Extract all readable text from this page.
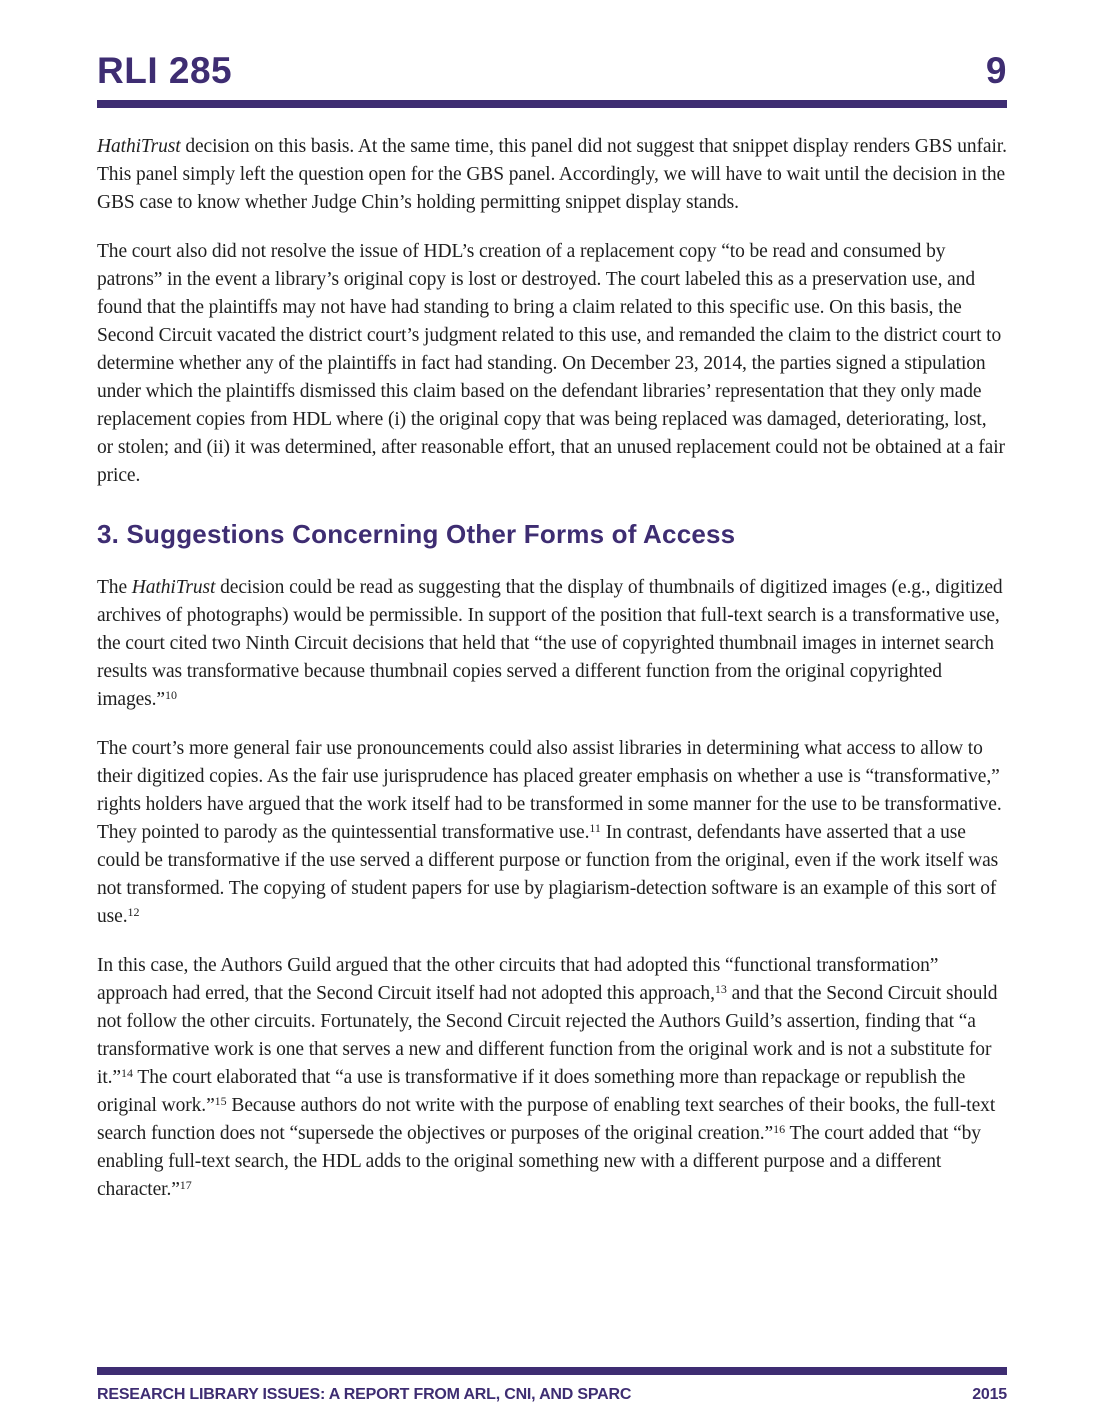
RLI 285	9

HathiTrust decision on this basis. At the same time, this panel did not suggest that snippet display renders GBS unfair. This panel simply left the question open for the GBS panel. Accordingly, we will have to wait until the decision in the GBS case to know whether Judge Chin’s holding permitting snippet display stands.

The court also did not resolve the issue of HDL’s creation of a replacement copy “to be read and consumed by patrons” in the event a library’s original copy is lost or destroyed. The court labeled this as a preservation use, and found that the plaintiffs may not have had standing to bring a claim related to this specific use. On this basis, the Second Circuit vacated the district court’s judgment related to this use, and remanded the claim to the district court to determine whether any of the plaintiffs in fact had standing. On December 23, 2014, the parties signed a stipulation under which the plaintiffs dismissed this claim based on the defendant libraries’ representation that they only made replacement copies from HDL where (i) the original copy that was being replaced was damaged, deteriorating, lost, or stolen; and (ii) it was determined, after reasonable effort, that an unused replacement could not be obtained at a fair price.

3. Suggestions Concerning Other Forms of Access

The HathiTrust decision could be read as suggesting that the display of thumbnails of digitized images (e.g., digitized archives of photographs) would be permissible. In support of the position that full-text search is a transformative use, the court cited two Ninth Circuit decisions that held that “the use of copyrighted thumbnail images in internet search results was transformative because thumbnail copies served a different function from the original copyrighted images.”$^{10}$

The court’s more general fair use pronouncements could also assist libraries in determining what access to allow to their digitized copies. As the fair use jurisprudence has placed greater emphasis on whether a use is “transformative,” rights holders have argued that the work itself had to be transformed in some manner for the use to be transformative. They pointed to parody as the quintessential transformative use.$^{11}$ In contrast, defendants have asserted that a use could be transformative if the use served a different purpose or function from the original, even if the work itself was not transformed. The copying of student papers for use by plagiarism-detection software is an example of this sort of use.$^{12}$

In this case, the Authors Guild argued that the other circuits that had adopted this “functional transformation” approach had erred, that the Second Circuit itself had not adopted this approach,$^{13}$ and that the Second Circuit should not follow the other circuits. Fortunately, the Second Circuit rejected the Authors Guild’s assertion, finding that “a transformative work is one that serves a new and different function from the original work and is not a substitute for it.”$^{14}$ The court elaborated that “a use is transformative if it does something more than repackage or republish the original work.”$^{15}$ Because authors do not write with the purpose of enabling text searches of their books, the full-text search function does not “supersede the objectives or purposes of the original creation.”$^{16}$ The court added that “by enabling full-text search, the HDL adds to the original something new with a different purpose and a different character.”$^{17}$

RESEARCH LIBRARY ISSUES: A REPORT FROM ARL, CNI, AND SPARC	2015
